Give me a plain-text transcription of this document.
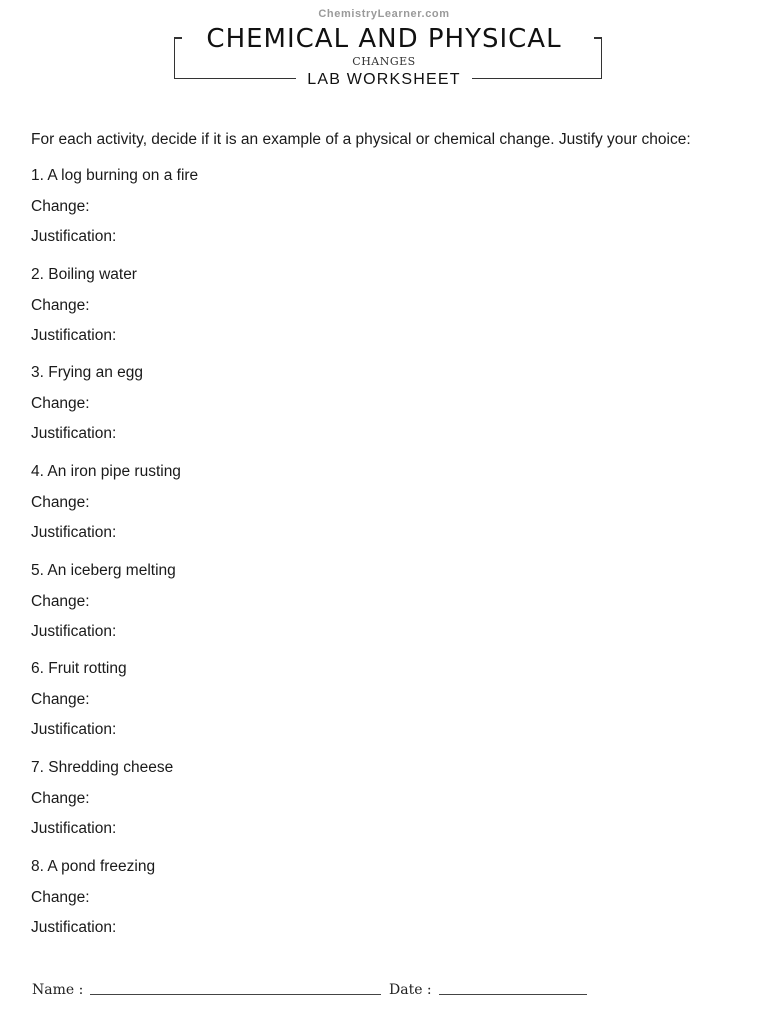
ChemistryLearner.com
CHEMICAL AND PHYSICAL
CHANGES
LAB WORKSHEET
For each activity, decide if it is an example of a physical or chemical change. Justify your choice:
1. A log burning on a fire
Change:
Justification:
2. Boiling water
Change:
Justification:
3. Frying an egg
Change:
Justification:
4. An iron pipe rusting
Change:
Justification:
5. An iceberg melting
Change:
Justification:
6. Fruit rotting
Change:
Justification:
7. Shredding cheese
Change:
Justification:
8. A pond freezing
Change:
Justification:
Name :	Date :
